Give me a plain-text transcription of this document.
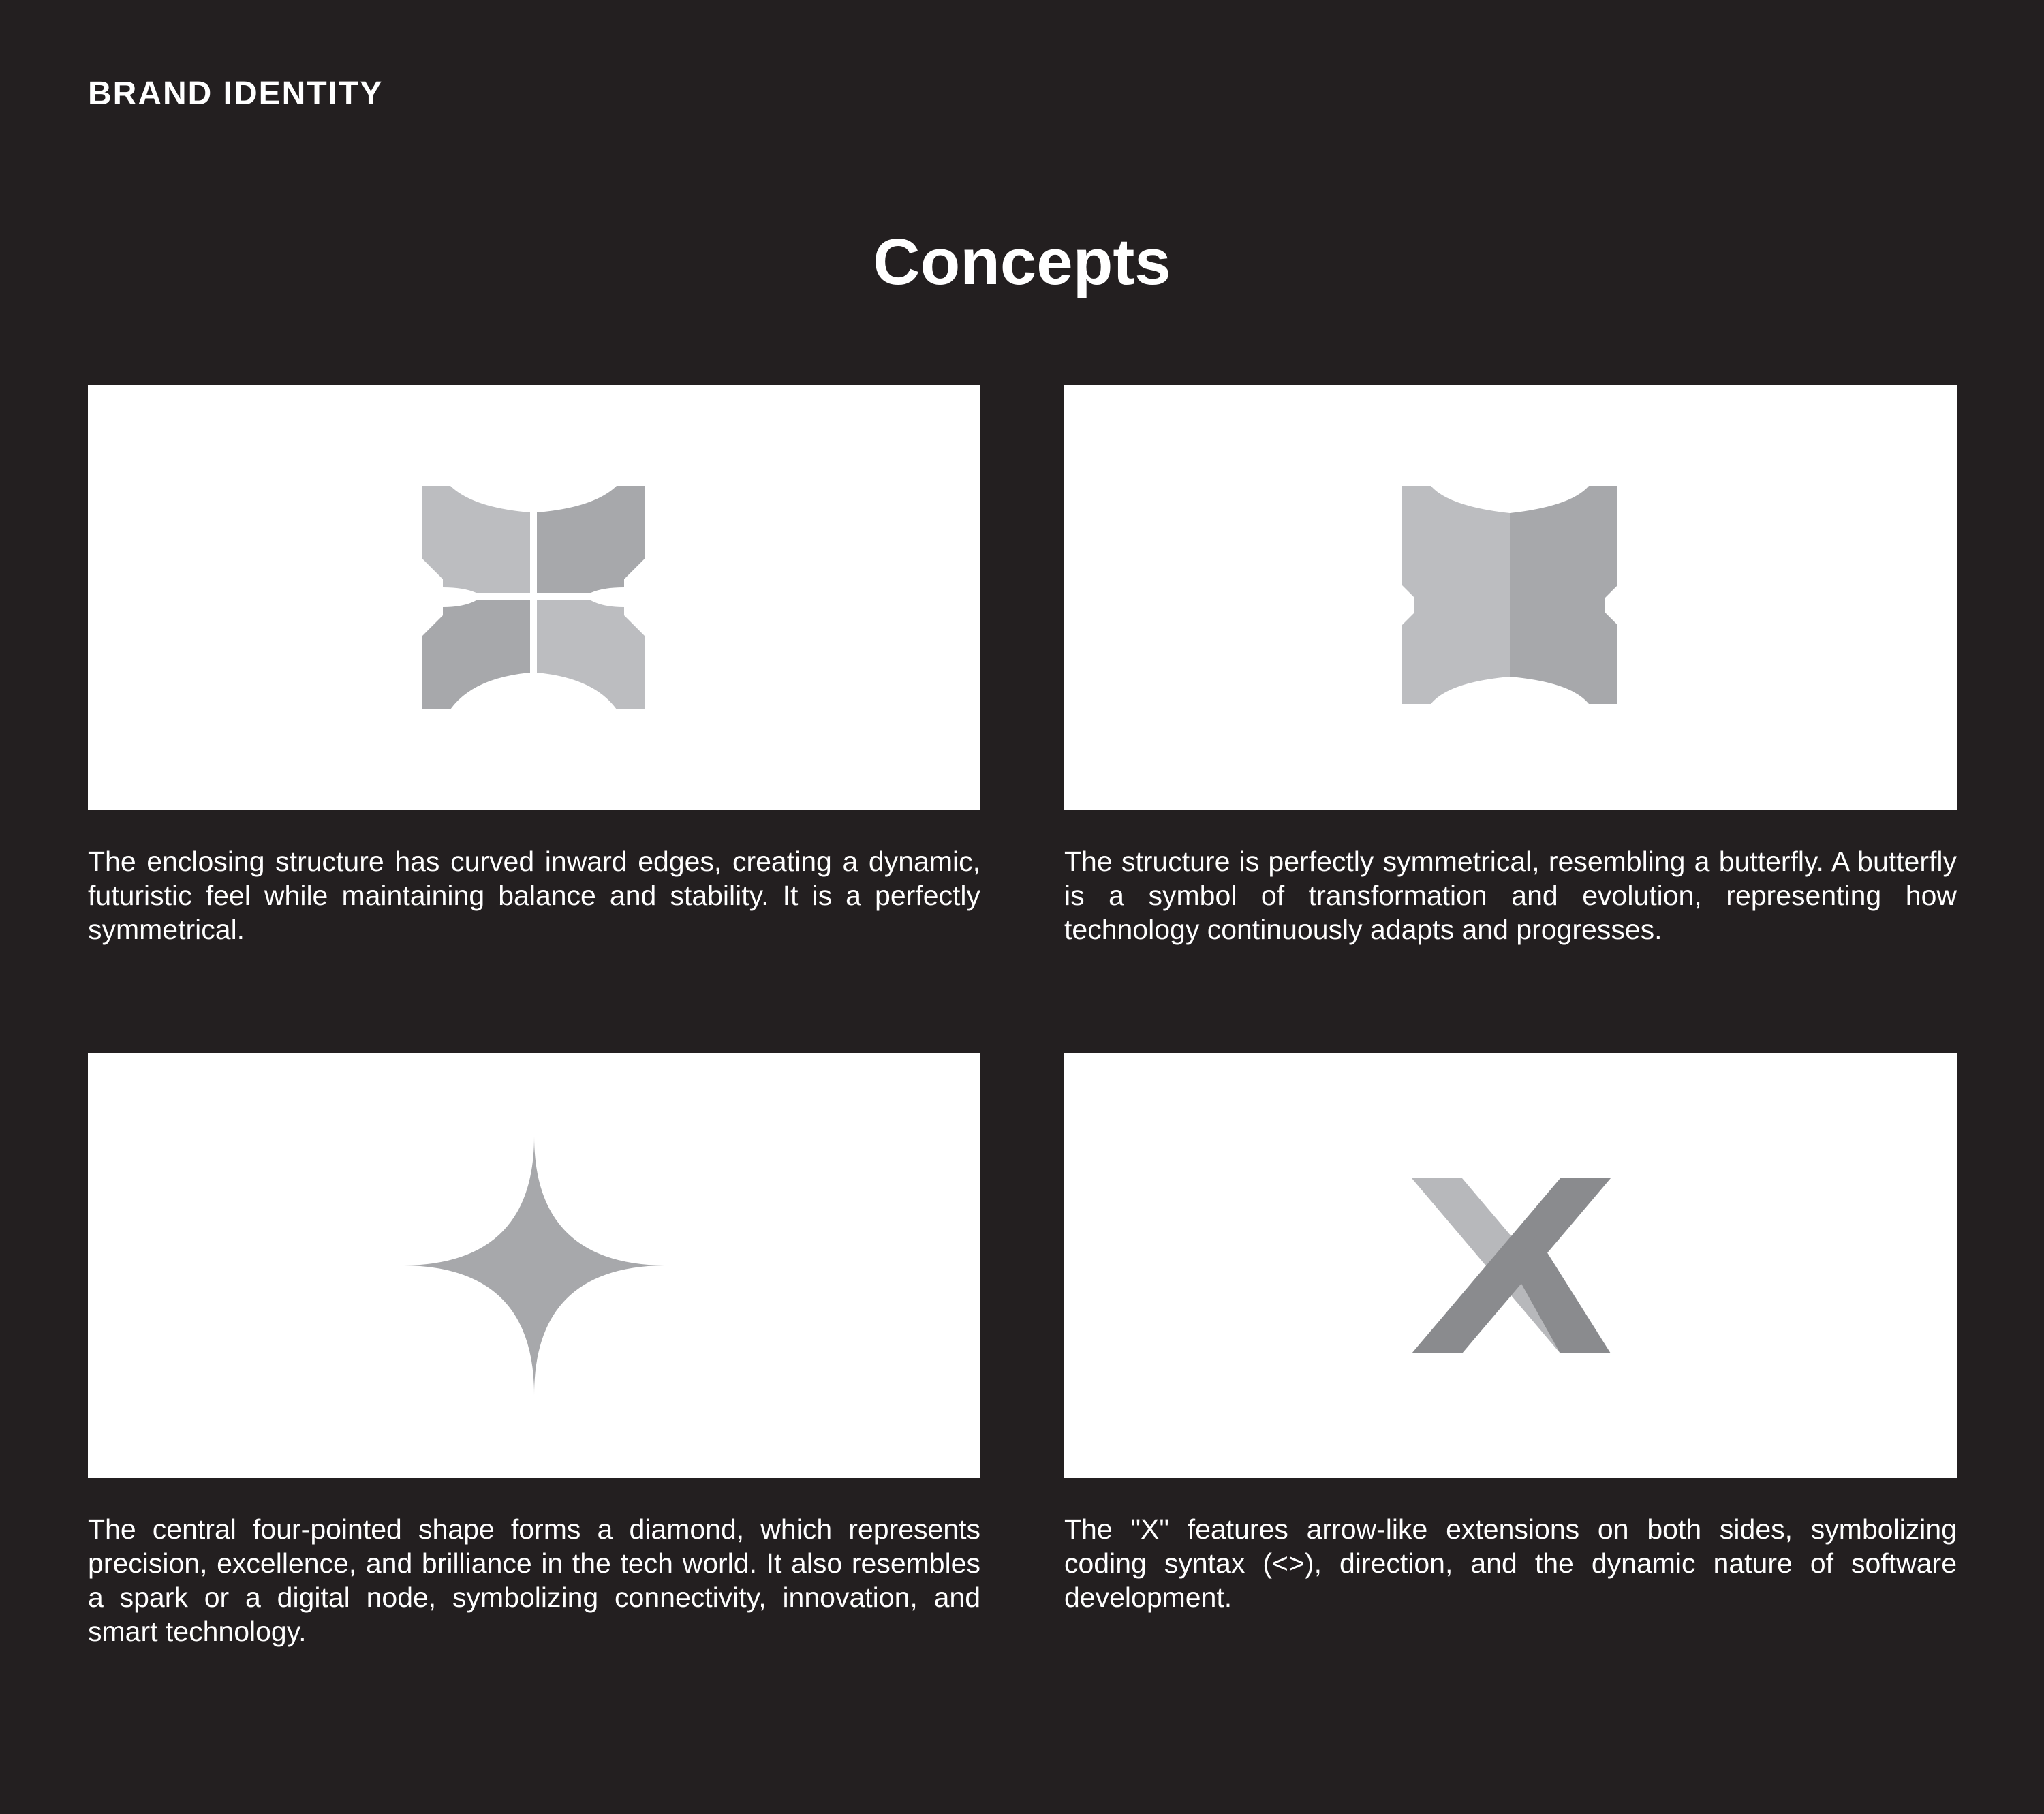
BRAND IDENTITY
Concepts

The enclosing structure has curved inward edges, creating a dynamic, futuristic feel while maintaining balance and stability. It is a perfectly symmetrical.

The structure is perfectly symmetrical, resembling a butterfly. A butterfly is a symbol of transformation and evolution, representing how technology continuously adapts and progresses.

The central four-pointed shape forms a diamond, which represents precision, excellence, and brilliance in the tech world. It also resembles a spark or a digital node, symbolizing connectivity, innovation, and smart technology.

The "X" features arrow-like extensions on both sides, symbolizing coding syntax (<>), direction, and the dynamic nature of software development.
